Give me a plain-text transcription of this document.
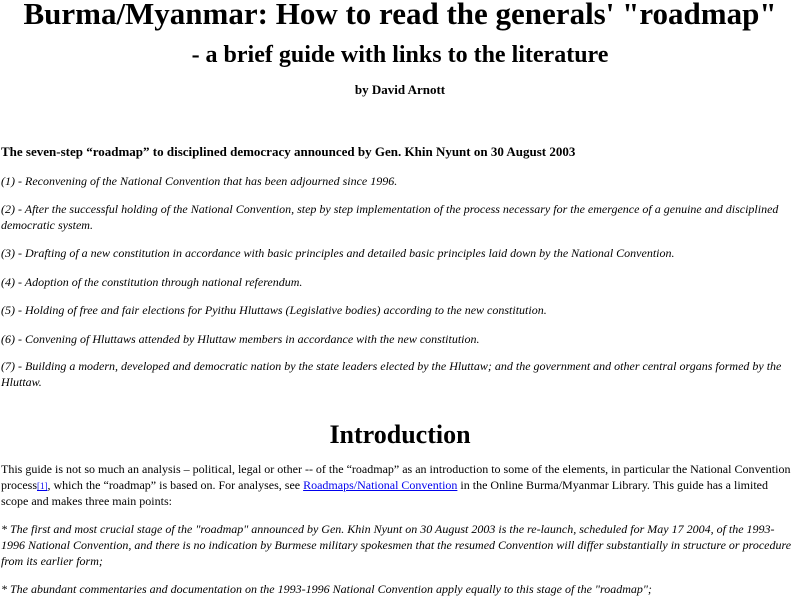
Burma/Myanmar: How to read the generals' "roadmap"
- a brief guide with links to the literature
by David Arnott
The seven-step “roadmap” to disciplined democracy announced by Gen. Khin Nyunt on 30 August 2003
(1) - Reconvening of the National Convention that has been adjourned since 1996.
(2) - After the successful holding of the National Convention, step by step implementation of the process necessary for the emergence of a genuine and disciplined democratic system.
(3) - Drafting of a new constitution in accordance with basic principles and detailed basic principles laid down by the National Convention.
(4) - Adoption of the constitution through national referendum.
(5) - Holding of free and fair elections for Pyithu Hluttaws (Legislative bodies) according to the new constitution.
(6) - Convening of Hluttaws attended by Hluttaw members in accordance with the new constitution.
(7) - Building a modern, developed and democratic nation by the state leaders elected by the Hluttaw; and the government and other central organs formed by the Hluttaw.
Introduction
This guide is not so much an analysis – political, legal or other -- of the “roadmap” as an introduction to some of the elements, in particular the National Convention process[1], which the “roadmap” is based on. For analyses, see Roadmaps/National Convention in the Online Burma/Myanmar Library. This guide has a limited scope and makes three main points:
* The first and most crucial stage of the "roadmap" announced by Gen. Khin Nyunt on 30 August 2003 is the re-launch, scheduled for May 17 2004, of the 1993-1996 National Convention, and there is no indication by Burmese military spokesmen that the resumed Convention will differ substantially in structure or procedure from its earlier form;
* The abundant commentaries and documentation on the 1993-1996 National Convention apply equally to this stage of the "roadmap";
